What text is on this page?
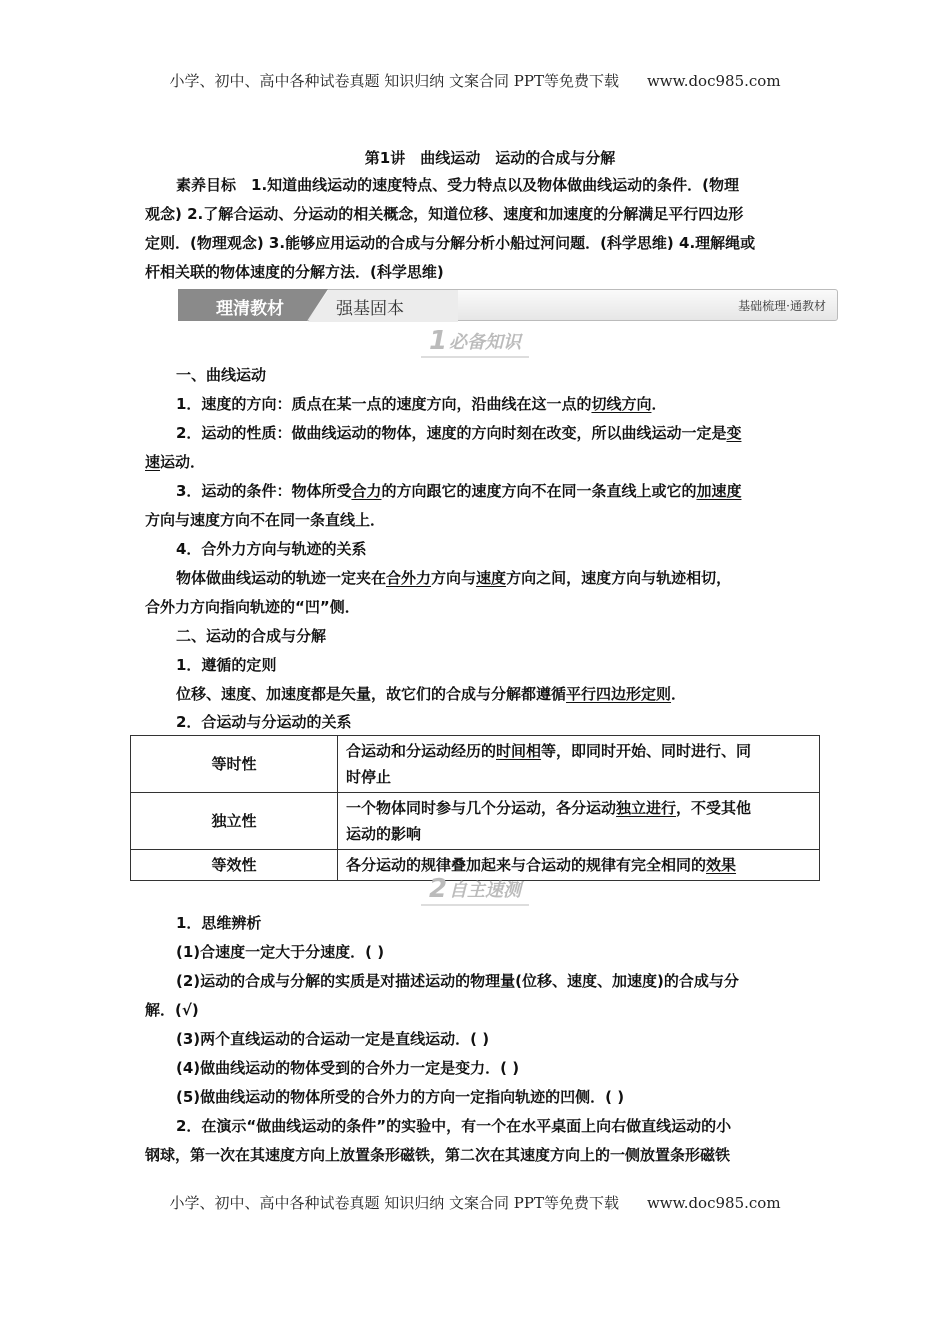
小学、初中、高中各种试卷真题 知识归纳 文案合同 PPT等免费下载 www.doc985.com
第1讲　曲线运动　运动的合成与分解
素养目标　1.知道曲线运动的速度特点、受力特点以及物体做曲线运动的条件．(物理
观念) 2.了解合运动、分运动的相关概念，知道位移、速度和加速度的分解满足平行四边形
定则．(物理观念) 3.能够应用运动的合成与分解分析小船过河问题．(科学思维) 4.理解绳或
杆相关联的物体速度的分解方法．(科学思维)
理清教材	强基固本	基础梳理·通教材
1 必备知识
一、曲线运动
1．速度的方向：质点在某一点的速度方向，沿曲线在这一点的切线方向．
2．运动的性质：做曲线运动的物体，速度的方向时刻在改变，所以曲线运动一定是变
速运动．
3．运动的条件：物体所受合力的方向跟它的速度方向不在同一条直线上或它的加速度
方向与速度方向不在同一条直线上．
4．合外力方向与轨迹的关系
物体做曲线运动的轨迹一定夹在合外力方向与速度方向之间，速度方向与轨迹相切，
合外力方向指向轨迹的“凹”侧．
二、运动的合成与分解
1．遵循的定则
位移、速度、加速度都是矢量，故它们的合成与分解都遵循平行四边形定则．
2．合运动与分运动的关系
等时性	合运动和分运动经历的时间相等，即同时开始、同时进行、同
时停止
独立性	一个物体同时参与几个分运动，各分运动独立进行，不受其他
运动的影响
等效性	各分运动的规律叠加起来与合运动的规律有完全相同的效果
2 自主速测
1．思维辨析
(1)合速度一定大于分速度．( )
(2)运动的合成与分解的实质是对描述运动的物理量(位移、速度、加速度)的合成与分
解．(√)
(3)两个直线运动的合运动一定是直线运动．( )
(4)做曲线运动的物体受到的合外力一定是变力．( )
(5)做曲线运动的物体所受的合外力的方向一定指向轨迹的凹侧．( )
2．在演示“做曲线运动的条件”的实验中，有一个在水平桌面上向右做直线运动的小
钢球，第一次在其速度方向上放置条形磁铁，第二次在其速度方向上的一侧放置条形磁铁
小学、初中、高中各种试卷真题 知识归纳 文案合同 PPT等免费下载 www.doc985.com
